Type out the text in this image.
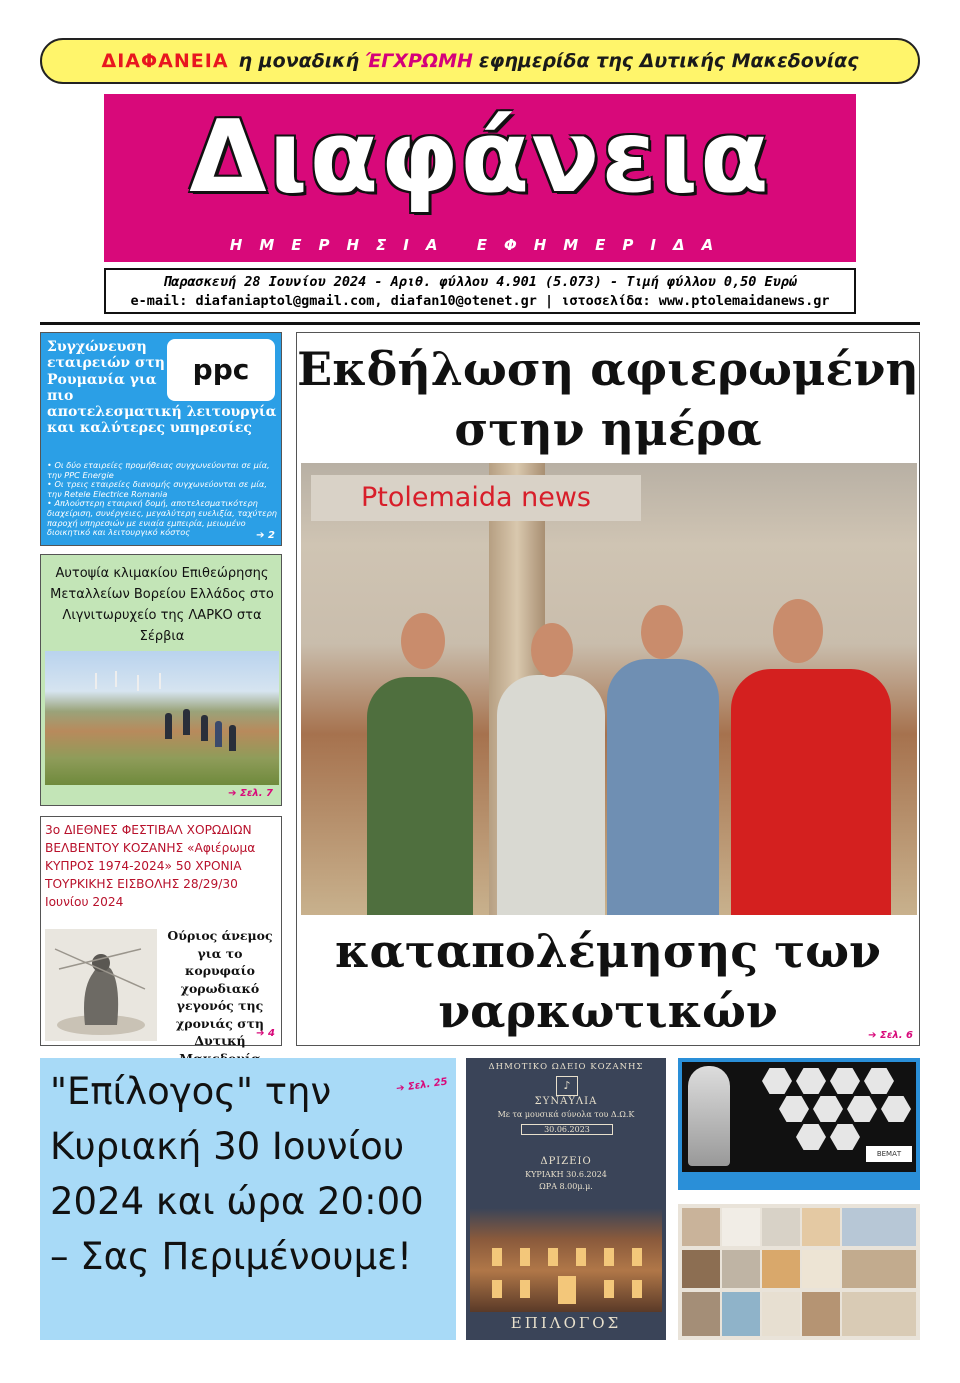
ΔΙΑΦΑΝΕΙΑ η μοναδική ΈΓΧΡΩΜΗ εφημερίδα της Δυτικής Μακεδονίας
Διαφάνεια
ΗΜΕΡΗΣΙΑ ΕΦΗΜΕΡΙΔΑ
Παρασκευή 28 Ιουνίου 2024 - Αριθ. φύλλου 4.901 (5.073) - Τιμή φύλλου 0,50 Ευρώ
e-mail: diafaniaptol@gmail.com, diafan10@otenet.gr | ιστοσελίδα: www.ptolemaidanews.gr
Συγχώνευση εταιρειών στη Ρουμανία για πιο αποτελεσματική λειτουργία και καλύτερες υπηρεσίες
ppc
• Οι δύο εταιρείες προμήθειας συγχωνεύονται σε μία, την PPC Energie
• Οι τρεις εταιρείες διανομής συγχωνεύονται σε μία, την Retele Electrice Romania
• Απλούστερη εταιρική δομή, αποτελεσματικότερη διαχείριση, συνέργειες, μεγαλύτερη ευελιξία, ταχύτερη παροχή υπηρεσιών με ενιαία εμπειρία, μειωμένο διοικητικό και λειτουργικό κόστος	➔ 2
Αυτοψία κλιμακίου Επιθεώρησης Μεταλλείων Βορείου Ελλάδος στο Λιγνιτωρυχείο της ΛΑΡΚΟ στα Σέρβια
➔ Σελ. 7
3ο ΔΙΕΘΝΕΣ ΦΕΣΤΙΒΑΛ ΧΟΡΩΔΙΩΝ ΒΕΛΒΕΝΤΟΥ ΚΟΖΑΝΗΣ «Αφιέρωμα ΚΥΠΡΟΣ 1974-2024» 50 ΧΡΟΝΙΑ ΤΟΥΡΚΙΚΗΣ ΕΙΣΒΟΛΗΣ 28/29/30 Ιουνίου 2024
Ούριος άνεμος για το κορυφαίο χορωδιακό γεγονός της χρονιάς στη Δυτική	➔ 4
Εκδήλωση αφιερωμένη στην ημέρα
Ptolemaida news
καταπολέμησης των ναρκωτικών	➔ Σελ. 6
"Επίλογος" την Κυριακή 30 Ιουνίου 2024 και ώρα 20:00 – Σας Περιμένουμε!
➔ Σελ. 25
ΔΗΜΟΤΙΚΟ ΩΔΕΙΟ ΚΟΖΑΝΗΣ
♪
ΣΥΝΑΥΛΙΑ
Με τα μουσικά σύνολα του Δ.Ω.Κ
30.06.2023
ΔΡΙΖΕΙΟ
ΚΥΡΙΑΚΗ 30.6.2024
ΩΡΑ 8.00μ.μ.
ΕΠΙΛΟΓΟΣ
ΒΕΜΑΤ
